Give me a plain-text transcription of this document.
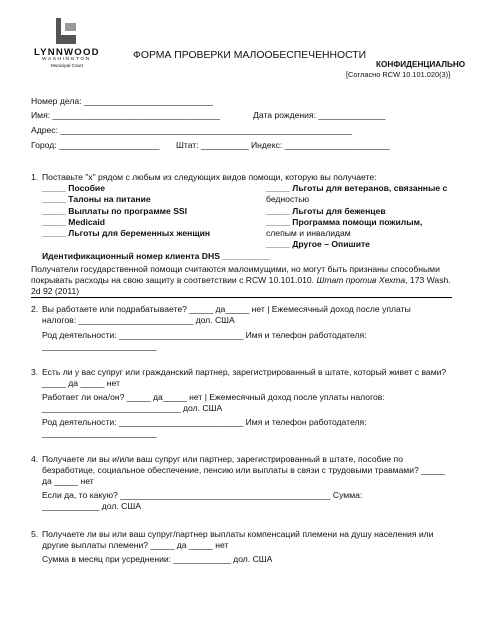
LYNNWOOD
WASHINGTON
Municipal Court
ФОРМА ПРОВЕРКИ МАЛООБЕСПЕЧЕННОСТИ
КОНФИДЕНЦИАЛЬНО
[Согласно RCW 10.101.020(3)]
Номер дела: ___________________________
Имя: ___________________________________	Дата рождения: ______________
Адрес: _____________________________________________________________
Город: _____________________ Штат: __________ Индекс: ______________________
1. Поставьте "x" рядом с любым из следующих видов помощи, которую вы получаете:
_____ Пособие
_____ Талоны на питание
_____ Выплаты по программе SSI
_____ Medicaid
_____ Льготы для беременных женщин
_____ Льготы для ветеранов, связанные с
бедностью
_____ Льготы для беженцев
_____ Программа помощи пожилым,
слепым и инвалидам
_____ Другое – Опишите
Идентификационный номер клиента DHS __________
Получатели государственной помощи считаются малоимущими, но могут быть признаны способными
покрывать расходы на свою защиту в соответствии с RCW 10.101.010. Штат против Хехта, 173 Wash.
2d 92 (2011)
2. Вы работаете или подрабатываете? _____ да_____ нет | Ежемесячный доход после уплаты
налогов: ________________________ дол. США
Род деятельности: __________________________ Имя и телефон работодателя:
________________________
3. Есть ли у вас супруг или гражданский партнер, зарегистрированный в штате, который живет с вами?
_____ да _____ нет
Работает ли она/он? _____ да_____ нет | Ежемесячный доход после уплаты налогов:
_____________________________ дол. США
Род деятельности: __________________________ Имя и телефон работодателя:
________________________
4. Получаете ли вы и/или ваш супруг или партнер, зарегистрированный в штате, пособие по
безработице, социальное обеспечение, пенсию или выплаты в связи с трудовыми травмами? _____
да _____ нет
Если да, то какую? ____________________________________________ Сумма:
____________ дол. США
5. Получаете ли вы или ваш супруг/партнер выплаты компенсаций племени на душу населения или
другие выплаты племени? _____ да _____ нет
Сумма в месяц при усреднении: ____________ дол. США
